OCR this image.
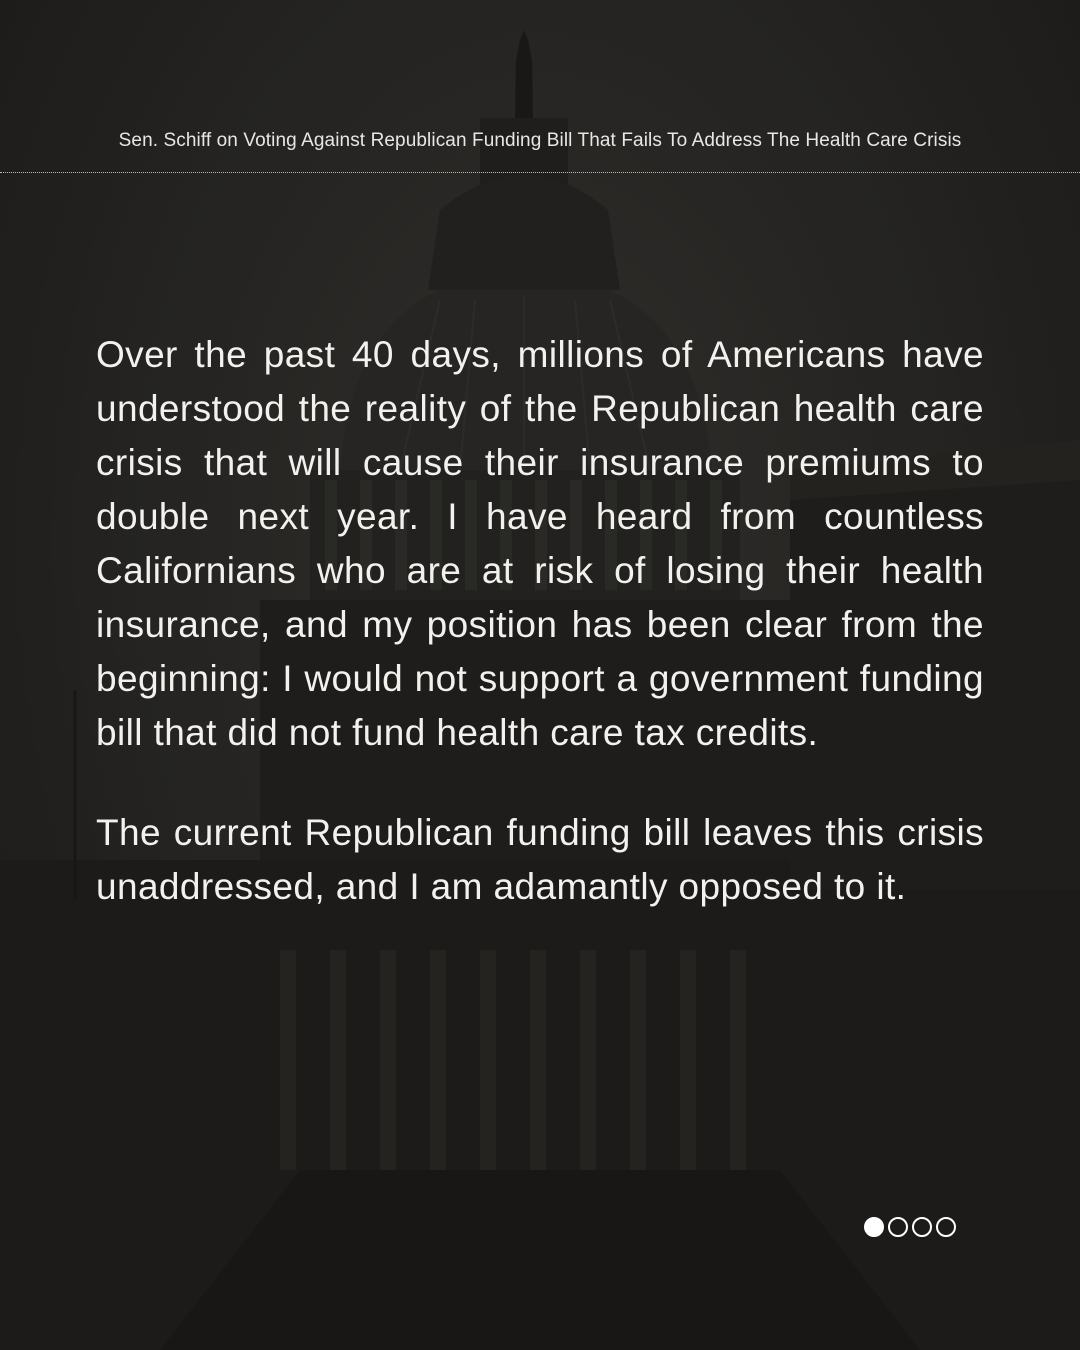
Sen. Schiff on Voting Against Republican Funding Bill That Fails To Address The Health Care Crisis

Over the past 40 days, millions of Americans have understood the reality of the Republican health care crisis that will cause their insurance premiums to double next year. I have heard from countless Californians who are at risk of losing their health insurance, and my position has been clear from the beginning: I would not support a government funding bill that did not fund health care tax credits.

The current Republican funding bill leaves this crisis unaddressed, and I am adamantly opposed to it.
